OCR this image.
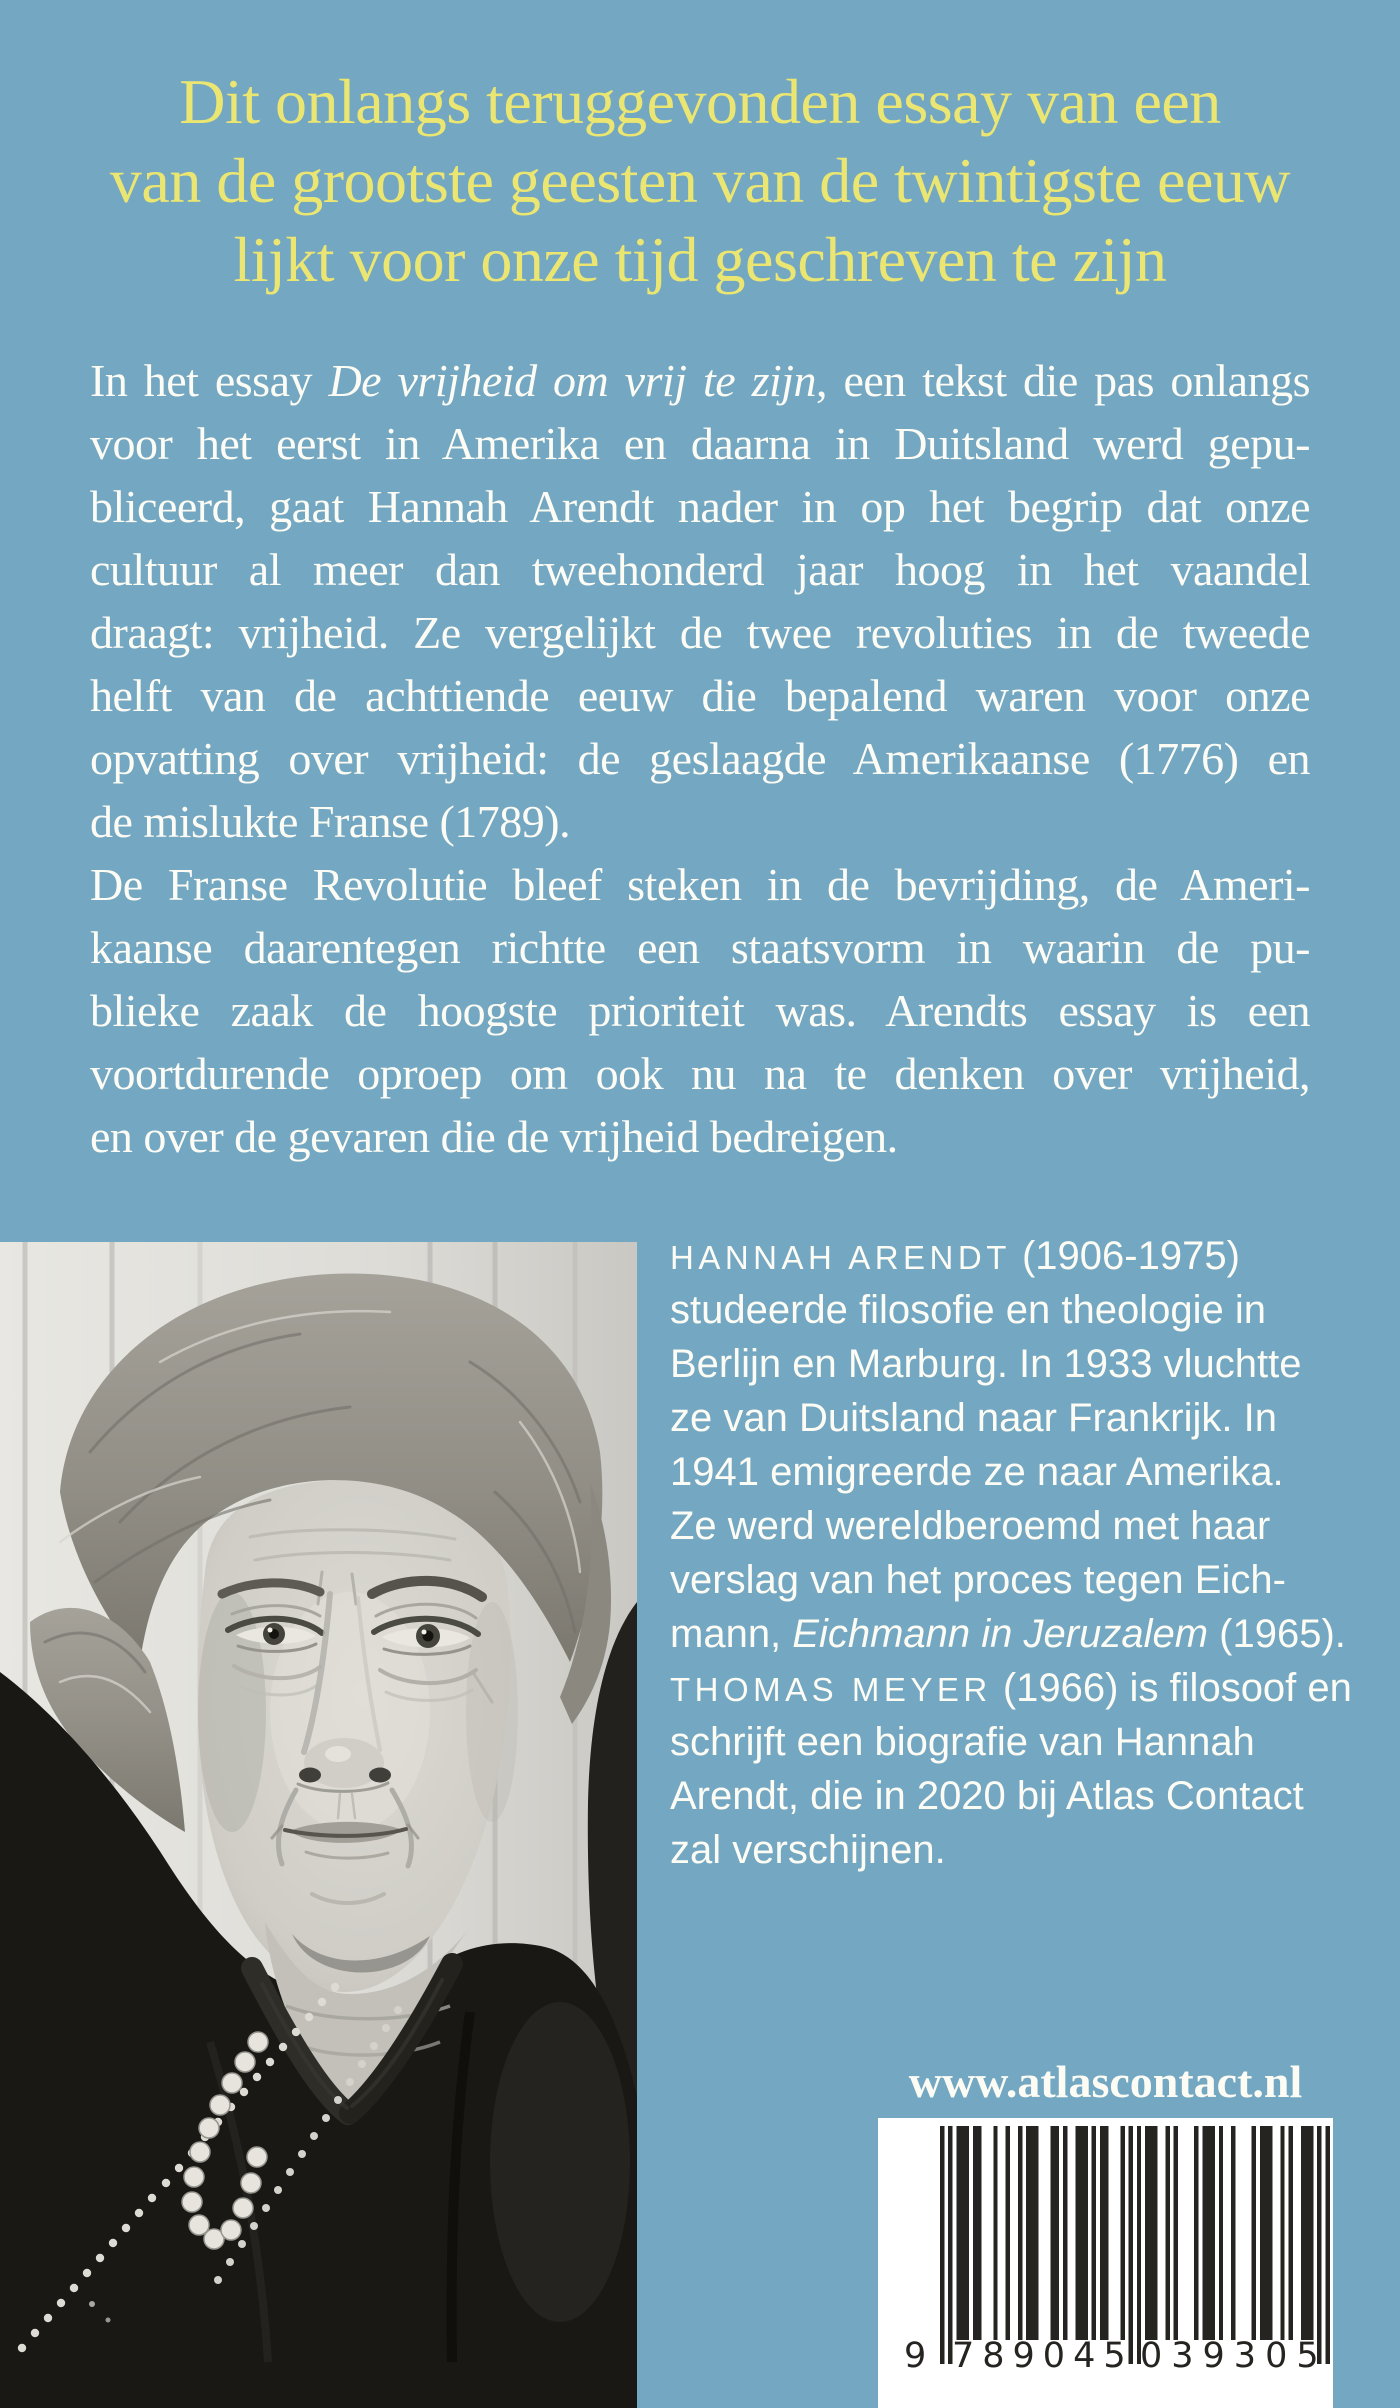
Dit onlangs teruggevonden essay van een
van de grootste geesten van de twintigste eeuw
lijkt voor onze tijd geschreven te zijn
In het essay De vrijheid om vrij te zijn, een tekst die pas onlangs
voor het eerst in Amerika en daarna in Duitsland werd gepu-
bliceerd, gaat Hannah Arendt nader in op het begrip dat onze
cultuur al meer dan tweehonderd jaar hoog in het vaandel
draagt: vrijheid. Ze vergelijkt de twee revoluties in de tweede
helft van de achttiende eeuw die bepalend waren voor onze
opvatting over vrijheid: de geslaagde Amerikaanse (1776) en
de mislukte Franse (1789).
De Franse Revolutie bleef steken in de bevrijding, de Ameri-
kaanse daarentegen richtte een staatsvorm in waarin de pu-
blieke zaak de hoogste prioriteit was. Arendts essay is een
voortdurende oproep om ook nu na te denken over vrijheid,
en over de gevaren die de vrijheid bedreigen.
HANNAH ARENDT (1906-1975)
studeerde filosofie en theologie in
Berlijn en Marburg. In 1933 vluchtte
ze van Duitsland naar Frankrijk. In
1941 emigreerde ze naar Amerika.
Ze werd wereldberoemd met haar
verslag van het proces tegen Eich-
mann, Eichmann in Jeruzalem (1965).
THOMAS MEYER (1966) is filosoof en
schrijft een biografie van Hannah
Arendt, die in 2020 bij Atlas Contact
zal verschijnen.
www.atlascontact.nl
9 789045 039305
